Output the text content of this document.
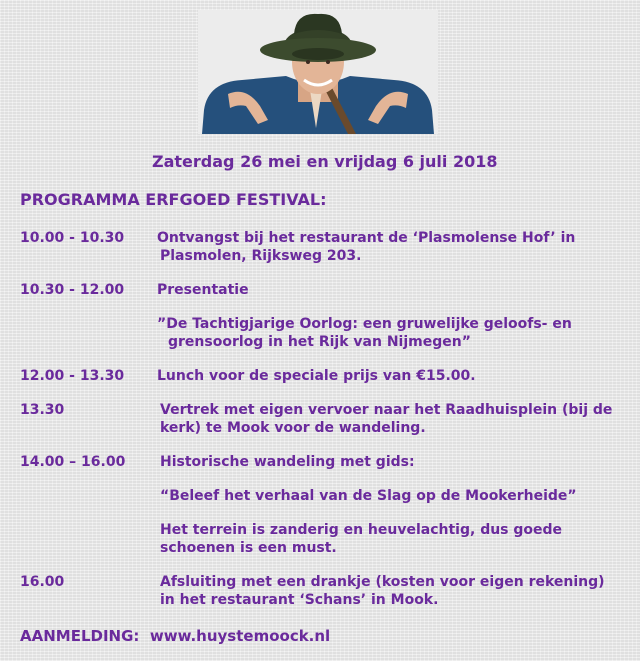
Zaterdag 26 mei en vrijdag 6 juli 2018
PROGRAMMA ERFGOED FESTIVAL:
10.00 - 10.30 Ontvangst bij het restaurant de ‘Plasmolense Hof’ in
Plasmolen, Rijksweg 203.
10.30 - 12.00 Presentatie
”De Tachtigjarige Oorlog: een gruwelijke geloofs- en
grensoorlog in het Rijk van Nijmegen”
12.00 - 13.30 Lunch voor de speciale prijs van €15.00.
13.30	Vertrek met eigen vervoer naar het Raadhuisplein (bij de
kerk) te Mook voor de wandeling.
14.00 – 16.00 Historische wandeling met gids:
“Beleef het verhaal van de Slag op de Mookerheide”
Het terrein is zanderig en heuvelachtig, dus goede
schoenen is een must.
16.00	Afsluiting met een drankje (kosten voor eigen rekening)
in het restaurant ‘Schans’ in Mook.
AANMELDING: www.huystemoock.nl
